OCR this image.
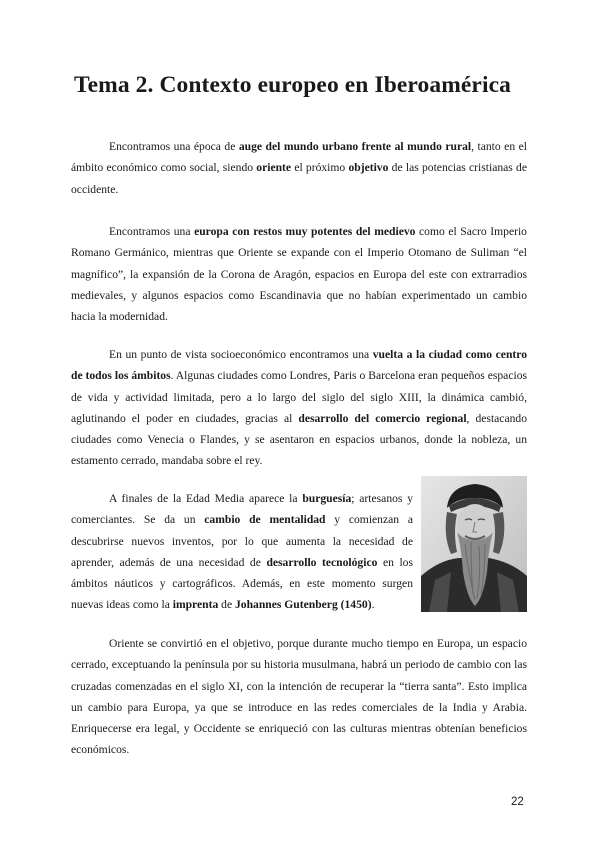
Tema 2. Contexto europeo en Iberoamérica

Encontramos una época de auge del mundo urbano frente al mundo rural, tanto en el ámbito económico como social, siendo oriente el próximo objetivo de las potencias cristianas de occidente.

Encontramos una europa con restos muy potentes del medievo como el Sacro Imperio Romano Germánico, mientras que Oriente se expande con el Imperio Otomano de Suliman “el magnífico”, la expansión de la Corona de Aragón, espacios en Europa del este con extrarradios medievales, y algunos espacios como Escandinavia que no habían experimentado un cambio hacia la modernidad.

En un punto de vista socioeconómico encontramos una vuelta a la ciudad como centro de todos los ámbitos. Algunas ciudades como Londres, Paris o Barcelona eran pequeños espacios de vida y actividad limitada, pero a lo largo del siglo del siglo XIII, la dinámica cambió, aglutinando el poder en ciudades, gracias al desarrollo del comercio regional, destacando ciudades como Venecia o Flandes, y se asentaron en espacios urbanos, donde la nobleza, un estamento cerrado, mandaba sobre el rey.

A finales de la Edad Media aparece la burguesía; artesanos y comerciantes. Se da un cambio de mentalidad y comienzan a descubrirse nuevos inventos, por lo que aumenta la necesidad de aprender, además de una necesidad de desarrollo tecnológico en los ámbitos náuticos y cartográficos. Además, en este momento surgen nuevas ideas como la imprenta de Johannes Gutenberg (1450).

Oriente se convirtió en el objetivo, porque durante mucho tiempo en Europa, un espacio cerrado, exceptuando la península por su historia musulmana, habrá un periodo de cambio con las cruzadas comenzadas en el siglo XI, con la intención de recuperar la “tierra santa”. Esto implica un cambio para Europa, ya que se introduce en las redes comerciales de la India y Arabia. Enriquecerse era legal, y Occidente se enriqueció con las culturas mientras obtenían beneficios económicos.

22
